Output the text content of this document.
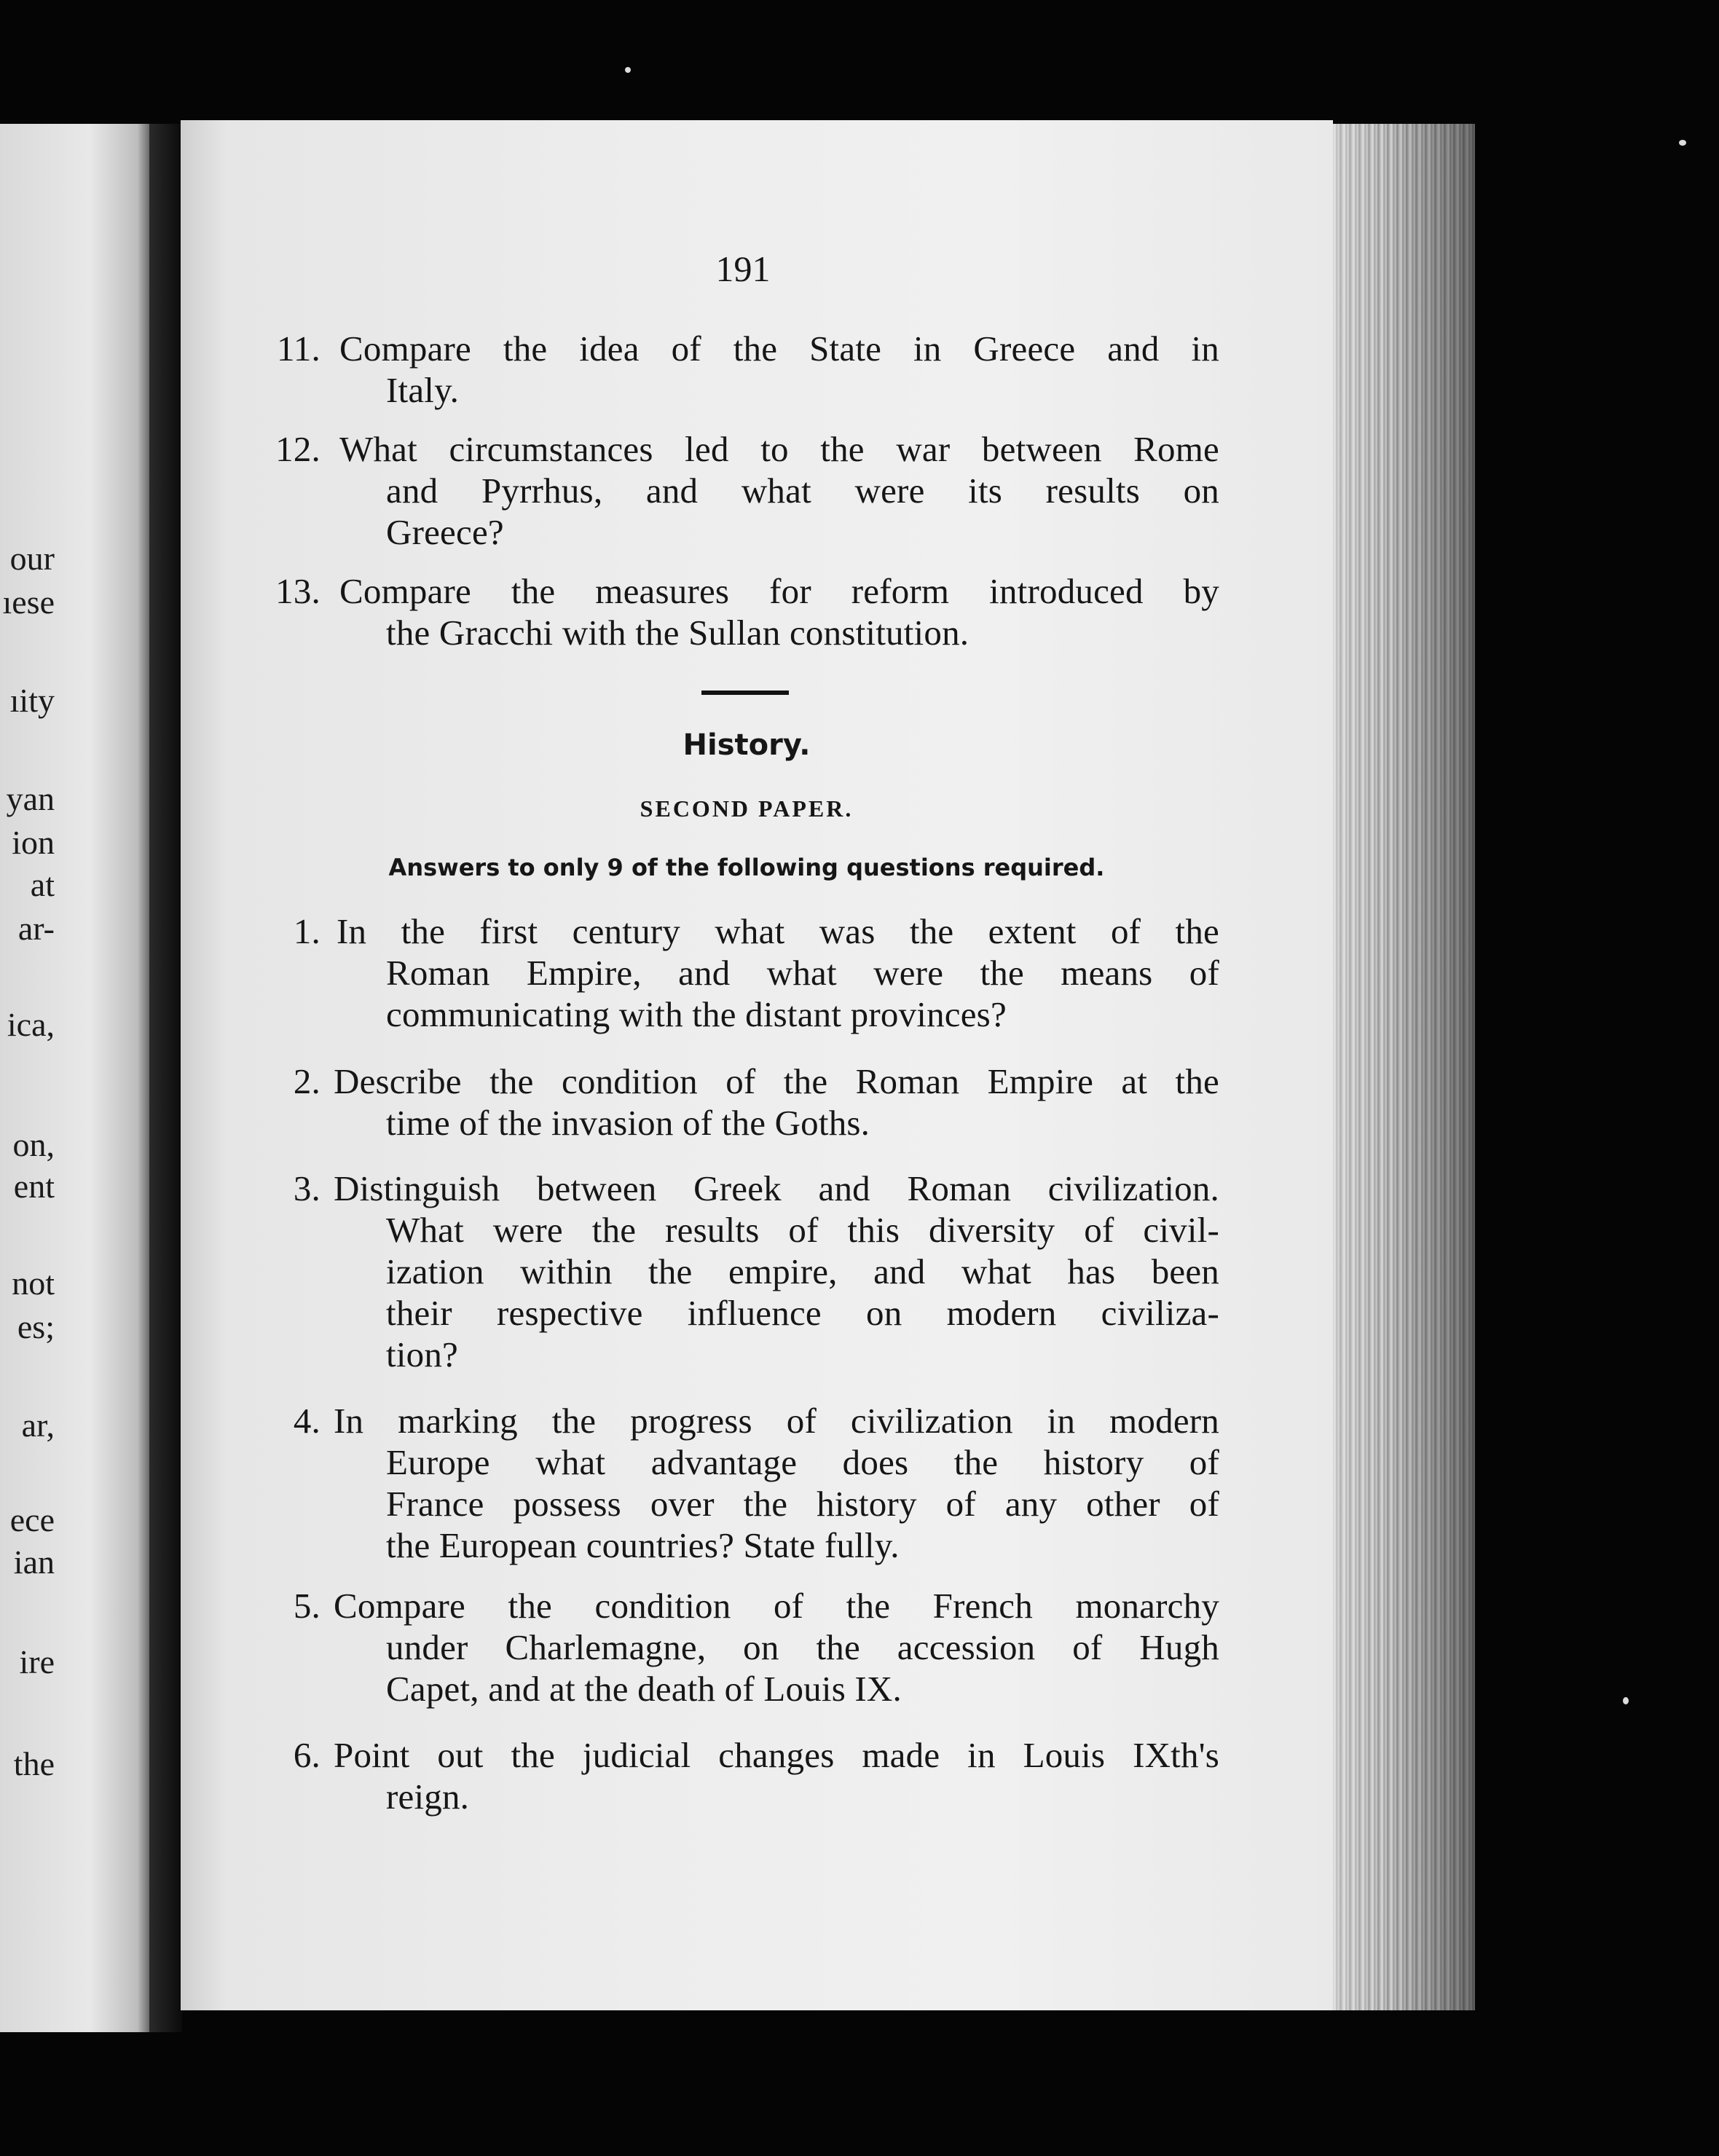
our
ıese
ıity
yan
ion
at
ar-
ica,
on,
ent
not
es;
ar,
ece
ian
ire
the
191
11. Compare the idea of the State in Greece and in
Italy.
12. What circumstances led to the war between Rome
and Pyrrhus, and what were its results on
Greece?
13. Compare the measures for reform introduced by
the Gracchi with the Sullan constitution.
History.
SECOND PAPER.
Answers to only 9 of the following questions required.
1. In the first century what was the extent of the
Roman Empire, and what were the means of
communicating with the distant provinces?
2. Describe the condition of the Roman Empire at the
time of the invasion of the Goths.
3. Distinguish between Greek and Roman civilization.
What were the results of this diversity of civil-
ization within the empire, and what has been
their respective influence on modern civiliza-
tion?
4. In marking the progress of civilization in modern
Europe what advantage does the history of
France possess over the history of any other of
the European countries? State fully.
5. Compare the condition of the French monarchy
under Charlemagne, on the accession of Hugh
Capet, and at the death of Louis IX.
6. Point out the judicial changes made in Louis IXth's
reign.
